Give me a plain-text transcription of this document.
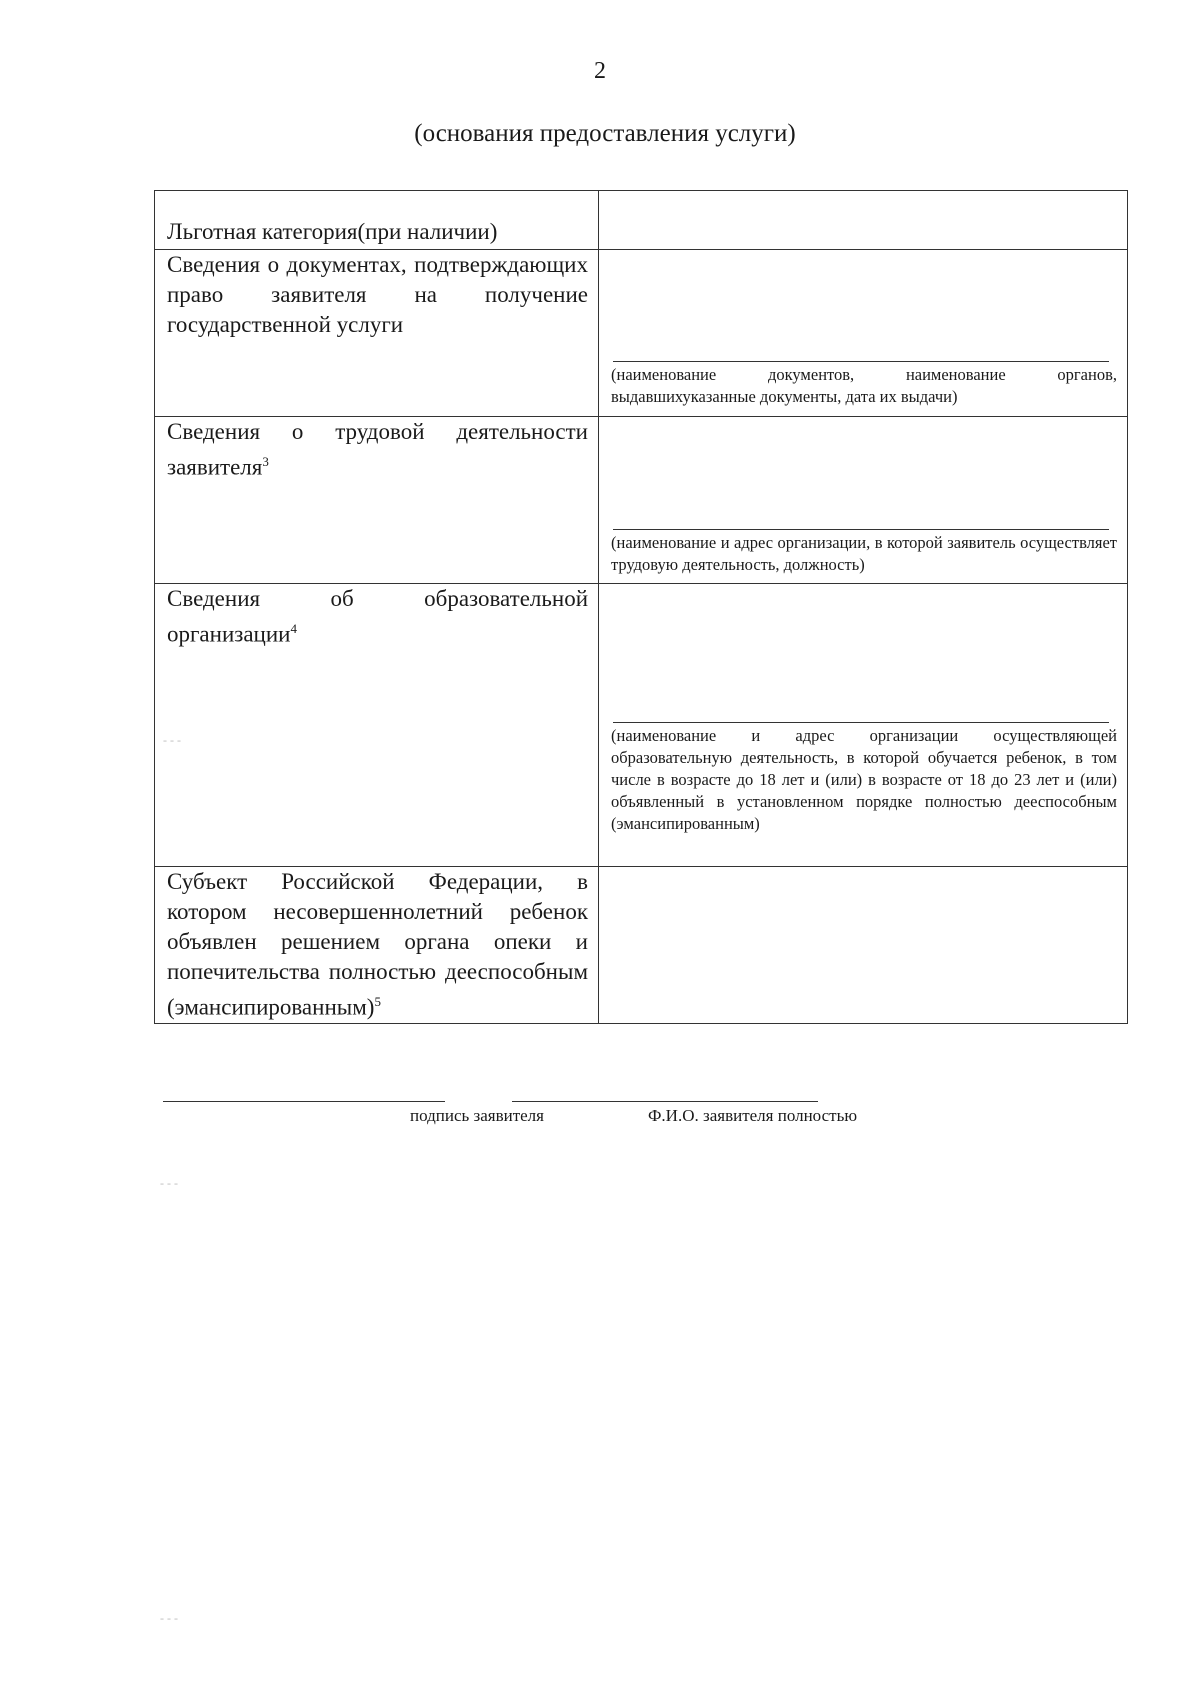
2
(основания предоставления услуги)
Льготная категория(при наличии)	

Сведения о документах, подтверждающих право заявителя на получение государственной услуги	(наименование документов, наименование органов, выдавшихуказанные документы, дата их выдачи)

Сведения о трудовой деятельности заявителя$^3$	(наименование и адрес организации, в которой заявитель осуществляет трудовую деятельность, должность)

Сведения об образовательной организации$^4$	(наименование и адрес организации осуществляющей образовательную деятельность, в которой обучается ребенок, в том числе в возрасте до 18 лет и (или) в возрасте от 18 до 23 лет и (или) объявленный в установленном порядке полностью дееспособным (эмансипированным)

Субъект Российской Федерации, в котором несовершеннолетний ребенок объявлен решением органа опеки и попечительства полностью дееспособным (эмансипированным)$^5$

- - -
- - -
- - -
подпись заявителя	Ф.И.О. заявителя полностью
